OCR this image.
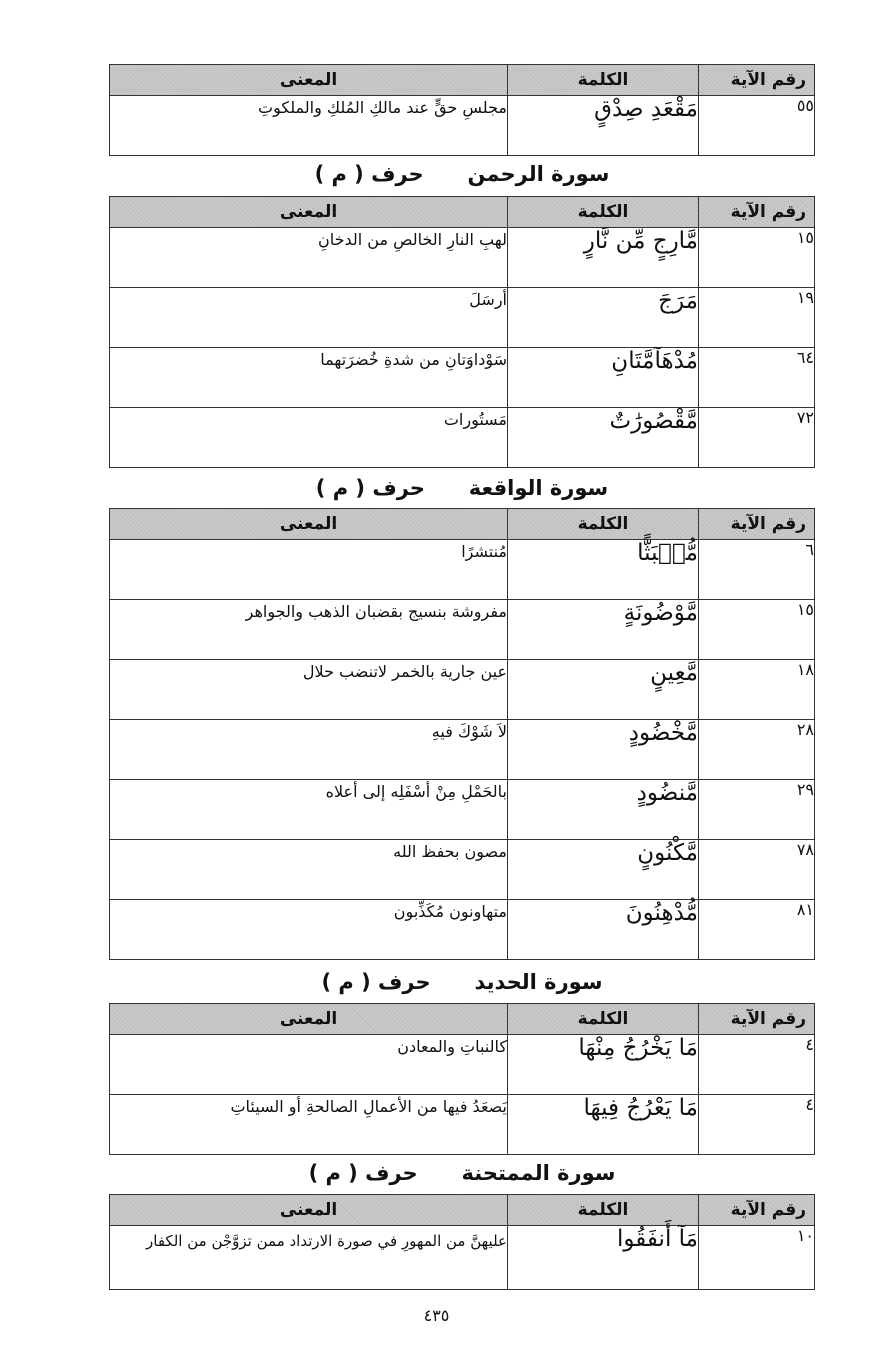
رقم الآية	الكلمة	المعنى
٥٥	مَقْعَدِ صِدْقٍ	مجلسِ حقٍّ عند مالكِ المُلكِ والملكوتِ
سورة الرحمن      حرف ( م )
رقم الآية	الكلمة	المعنى
١٥	مَّارِجٍ مِّن نَّارٍ	لهبِ النارِ الخالصِ من الدخانِ
١٩	مَرَجَ	أرسَلَ
٦٤	مُدْهَآمَّتَانِ	سَوْداوَتانِ من شدةِ خُضرَتهما
٧٢	مَّقْصُورَٰتٌ	مَستُورات
سورة الواقعة      حرف ( م )
رقم الآية	الكلمة	المعنى
٦	مُّنۢبَثًّا	مُنتشرًا
١٥	مَّوْضُونَةٍ	مفروشة بنسيج بقضبان الذهب والجواهر
١٨	مَّعِينٍ	عين جارية بالخمر لاتنضب حلال
٢٨	مَّخْضُودٍ	لاَ شَوْكَ فيهِ
٢٩	مَّنضُودٍ	بالحَمْلِ مِنْ أسْفَلِه إلى أعلاه
٧٨	مَّكْنُونٍ	مصون بحفظ الله
٨١	مُّدْهِنُونَ	متهاونون مُكَذِّبون
سورة الحديد      حرف ( م )
رقم الآية	الكلمة	المعنى
٤	مَا يَخْرُجُ مِنْهَا	كالنباتِ والمعادن
٤	مَا يَعْرُجُ فِيهَا	يَصعَدُ فيها من الأعمالِ الصالحةِ أو السيئاتِ
سورة الممتحنة      حرف ( م )
رقم الآية	الكلمة	المعنى
١٠	مَآ أَنفَقُوا	عليهنَّ من المهورِ في صورة الارتداد ممن تزوَّجْن من الكفار
٤٣٥
